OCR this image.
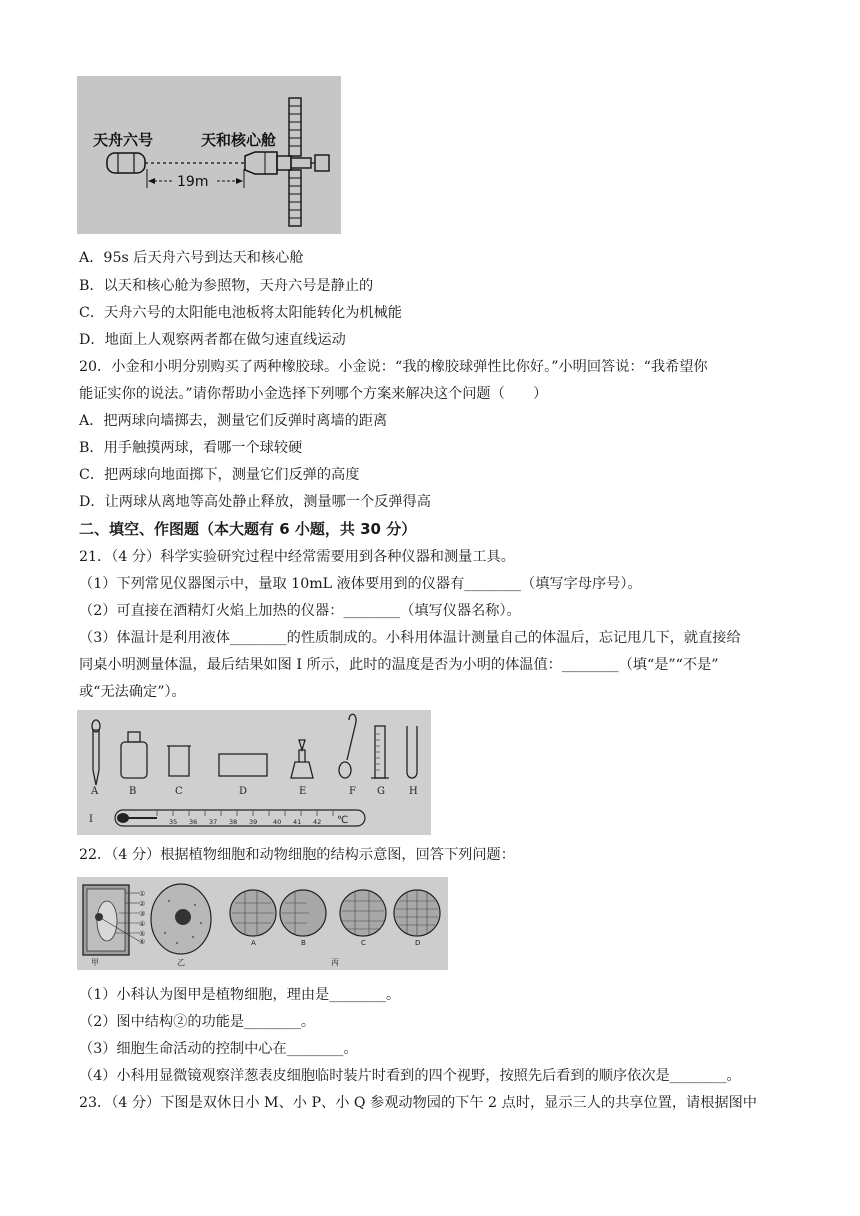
天舟六号	天和核心舱
19m
A．95s 后天舟六号到达天和核心舱
B．以天和核心舱为参照物，天舟六号是静止的
C．天舟六号的太阳能电池板将太阳能转化为机械能
D．地面上人观察两者都在做匀速直线运动
20．小金和小明分别购买了两种橡胶球。小金说：“我的橡胶球弹性比你好。”小明回答说：“我希望你
能证实你的说法。”请你帮助小金选择下列哪个方案来解决这个问题（　　）
A．把两球向墙掷去，测量它们反弹时离墙的距离
B．用手触摸两球，看哪一个球较硬
C．把两球向地面掷下，测量它们反弹的高度
D．让两球从离地等高处静止释放，测量哪一个反弹得高
二、填空、作图题（本大题有 6 小题，共 30 分）
21．（4 分）科学实验研究过程中经常需要用到各种仪器和测量工具。
（1）下列常见仪器图示中，量取 10mL 液体要用到的仪器有________（填写字母序号）。
（2）可直接在酒精灯火焰上加热的仪器：________（填写仪器名称）。
（3）体温计是利用液体________的性质制成的。小科用体温计测量自己的体温后，忘记甩几下，就直接给
同桌小明测量体温，最后结果如图 I 所示，此时的温度是否为小明的体温值：________（填“是”“不是”
或“无法确定”）。
A	B	C	D	E	F G H
I	35 36 37 38 39 40 41 42 ℃
22．（4 分）根据植物细胞和动物细胞的结构示意图，回答下列问题：
①
②
③
④
⑤
⑥	A	B	C	D
甲	乙	丙
（1）小科认为图甲是植物细胞，理由是________。
（2）图中结构②的功能是________。
（3）细胞生命活动的控制中心在________。
（4）小科用显微镜观察洋葱表皮细胞临时装片时看到的四个视野，按照先后看到的顺序依次是________。
23．（4 分）下图是双休日小 M、小 P、小 Q 参观动物园的下午 2 点时，显示三人的共享位置，请根据图中
